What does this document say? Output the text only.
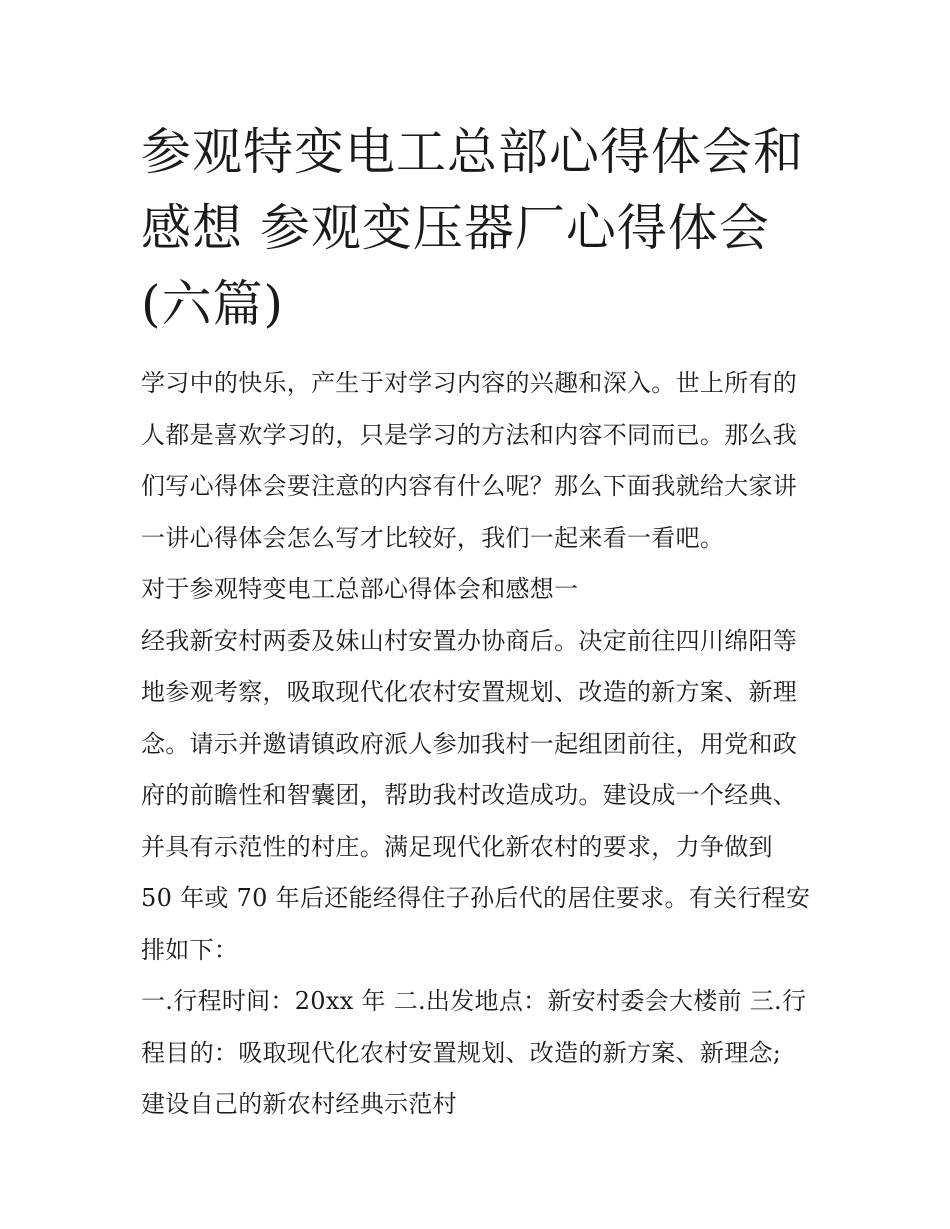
参观特变电工总部心得体会和
感想 参观变压器厂心得体会
(六篇)
学习中的快乐，产生于对学习内容的兴趣和深入。世上所有的
人都是喜欢学习的，只是学习的方法和内容不同而已。那么我
们写心得体会要注意的内容有什么呢？那么下面我就给大家讲
一讲心得体会怎么写才比较好，我们一起来看一看吧。
对于参观特变电工总部心得体会和感想一
经我新安村两委及妹山村安置办协商后。决定前往四川绵阳等
地参观考察，吸取现代化农村安置规划、改造的新方案、新理
念。请示并邀请镇政府派人参加我村一起组团前往，用党和政
府的前瞻性和智囊团，帮助我村改造成功。建设成一个经典、
并具有示范性的村庄。满足现代化新农村的要求，力争做到
50 年或 70 年后还能经得住子孙后代的居住要求。有关行程安
排如下：
一.行程时间：20xx 年 二.出发地点：新安村委会大楼前 三.行
程目的：吸取现代化农村安置规划、改造的新方案、新理念;
建设自己的新农村经典示范村
